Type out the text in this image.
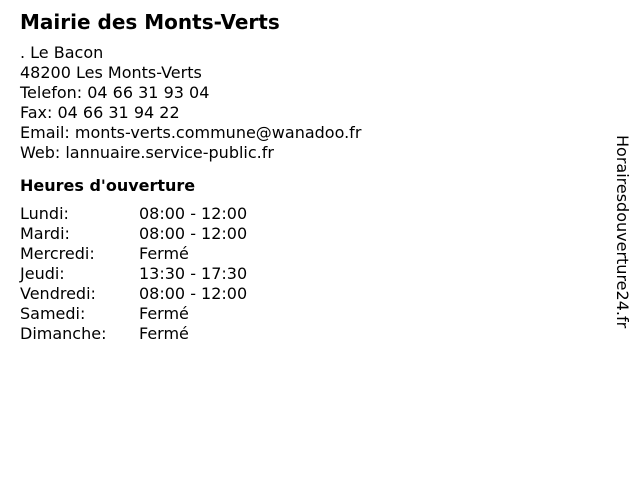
Mairie des Monts-Verts
. Le Bacon
48200 Les Monts-Verts
Telefon: 04 66 31 93 04
Fax: 04 66 31 94 22
Email: monts-verts.commune@wanadoo.fr
Web: lannuaire.service-public.fr
Heures d'ouverture
Lundi:	08:00 - 12:00
Mardi:	08:00 - 12:00
Mercredi:	Fermé
Jeudi:	13:30 - 17:30
Vendredi:	08:00 - 12:00
Samedi:	Fermé
Dimanche:	Fermé
Horairesdouverture24.fr
